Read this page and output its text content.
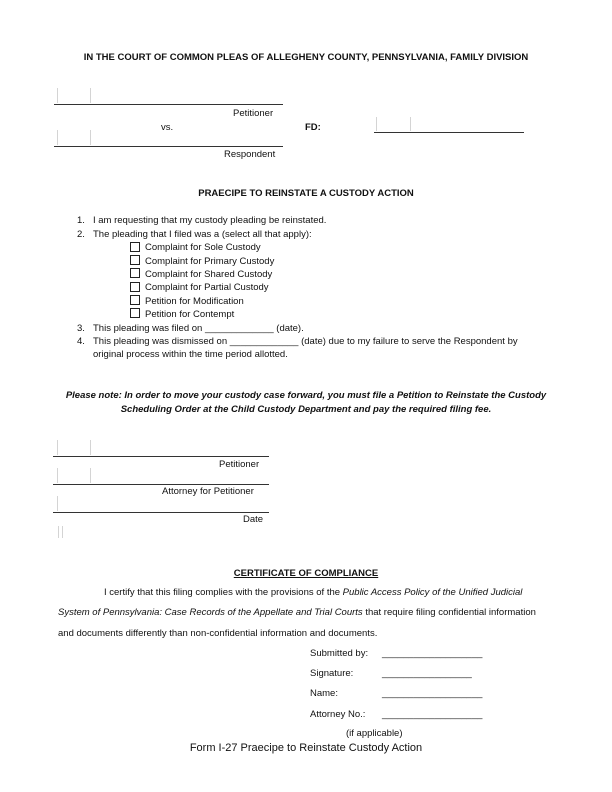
IN THE COURT OF COMMON PLEAS OF ALLEGHENY COUNTY, PENNSYLVANIA, FAMILY DIVISION
Petitioner
vs.	FD:
Respondent
PRAECIPE TO REINSTATE A CUSTODY ACTION
1. I am requesting that my custody pleading be reinstated.
2. The pleading that I filed was a (select all that apply):
Complaint for Sole Custody
Complaint for Primary Custody
Complaint for Shared Custody
Complaint for Partial Custody
Petition for Modification
Petition for Contempt
3. This pleading was filed on _____________ (date).
4. This pleading was dismissed on _____________ (date) due to my failure to serve the Respondent by
original process within the time period allotted.
Please note: In order to move your custody case forward, you must file a Petition to Reinstate the Custody
Scheduling Order at the Child Custody Department and pay the required filing fee.
Petitioner
Attorney for Petitioner
Date
CERTIFICATE OF COMPLIANCE
I certify that this filing complies with the provisions of the Public Access Policy of the Unified Judicial
System of Pennsylvania: Case Records of the Appellate and Trial Courts that require filing confidential information
and documents differently than non-confidential information and documents.
Submitted by: ___________________
Signature:	_________________
Name:	___________________
Attorney No.: ___________________
(if applicable)
Form I-27 Praecipe to Reinstate Custody Action
